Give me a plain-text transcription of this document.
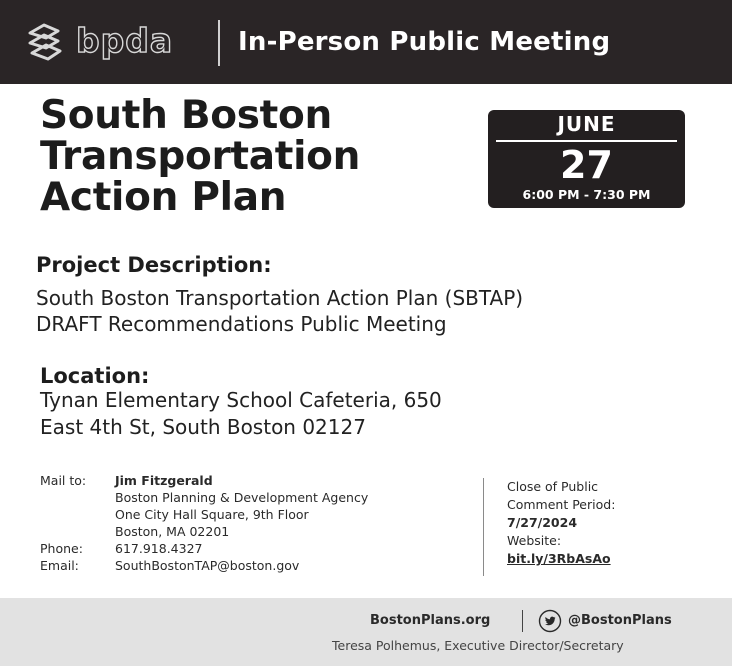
bpda In-Person Public Meeting
South Boston
Transportation
Action Plan
JUNE
27
6:00 PM - 7:30 PM
Project Description:
South Boston Transportation Action Plan (SBTAP)
DRAFT Recommendations Public Meeting
Location:
Tynan Elementary School Cafeteria, 650
East 4th St, South Boston 02127
Mail to:	Jim Fitzgerald
Boston Planning & Development Agency
One City Hall Square, 9th Floor
Boston, MA 02201
Phone:	617.918.4327
Email:	SouthBostonTAP@boston.gov
Close of Public
Comment Period:
7/27/2024
Website:
bit.ly/3RbAsAo
BostonPlans.org	@BostonPlans
Teresa Polhemus, Executive Director/Secretary
